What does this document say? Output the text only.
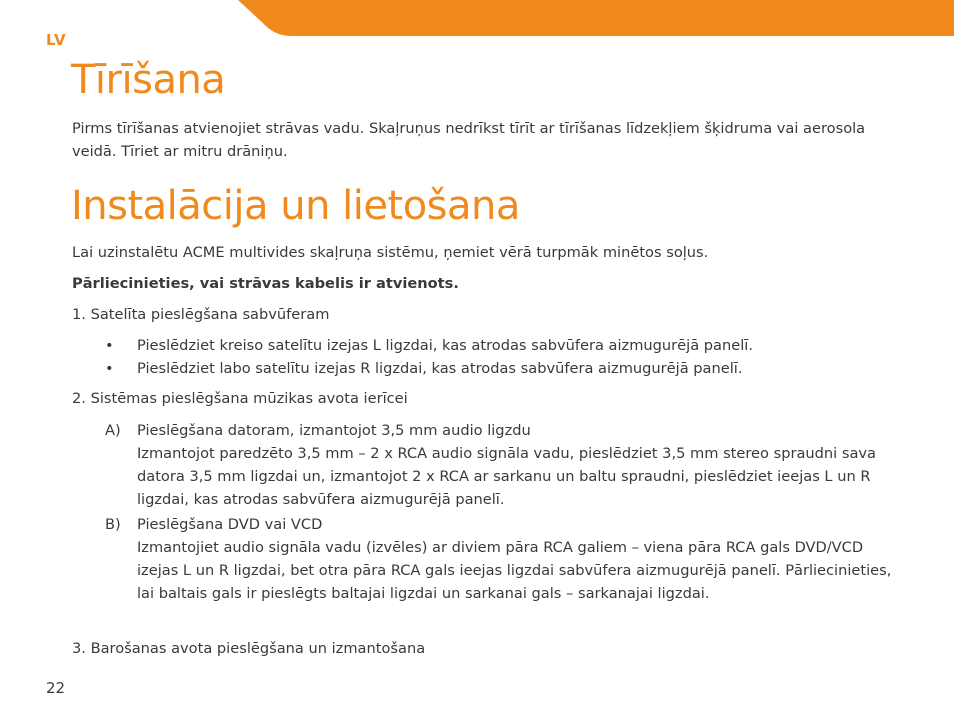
LV
Tīrīšana

Pirms tīrīšanas atvienojiet strāvas vadu. Skaļruņus nedrīkst tīrīt ar tīrīšanas līdzekļiem šķidruma vai aerosola veidā. Tīriet ar mitru drāniņu.

Instalācija un lietošana

Lai uzinstalētu ACME multivides skaļruņa sistēmu, ņemiet vērā turpmāk minētos soļus.

Pārliecinieties, vai strāvas kabelis ir atvienots.

1. Satelīta pieslēgšana sabvūferam

• Pieslēdziet kreiso satelītu izejas L ligzdai, kas atrodas sabvūfera aizmugurējā panelī.
• Pieslēdziet labo satelītu izejas R ligzdai, kas atrodas sabvūfera aizmugurējā panelī.

2. Sistēmas pieslēgšana mūzikas avota ierīcei

A) Pieslēgšana datoram, izmantojot 3,5 mm audio ligzdu
Izmantojot paredzēto 3,5 mm – 2 x RCA audio signāla vadu, pieslēdziet 3,5 mm stereo spraudni sava datora 3,5 mm ligzdai un, izmantojot 2 x RCA ar sarkanu un baltu spraudni, pieslēdziet ieejas L un R ligzdai, kas atrodas sabvūfera aizmugurējā panelī.
B) Pieslēgšana DVD vai VCD
Izmantojiet audio signāla vadu (izvēles) ar diviem pāra RCA galiem – viena pāra RCA gals DVD/VCD izejas L un R ligzdai, bet otra pāra RCA gals ieejas ligzdai sabvūfera aizmugurējā panelī. Pārliecinieties, lai baltais gals ir pieslēgts baltajai ligzdai un sarkanai gals – sarkanajai ligzdai.

3. Barošanas avota pieslēgšana un izmantošana

22
